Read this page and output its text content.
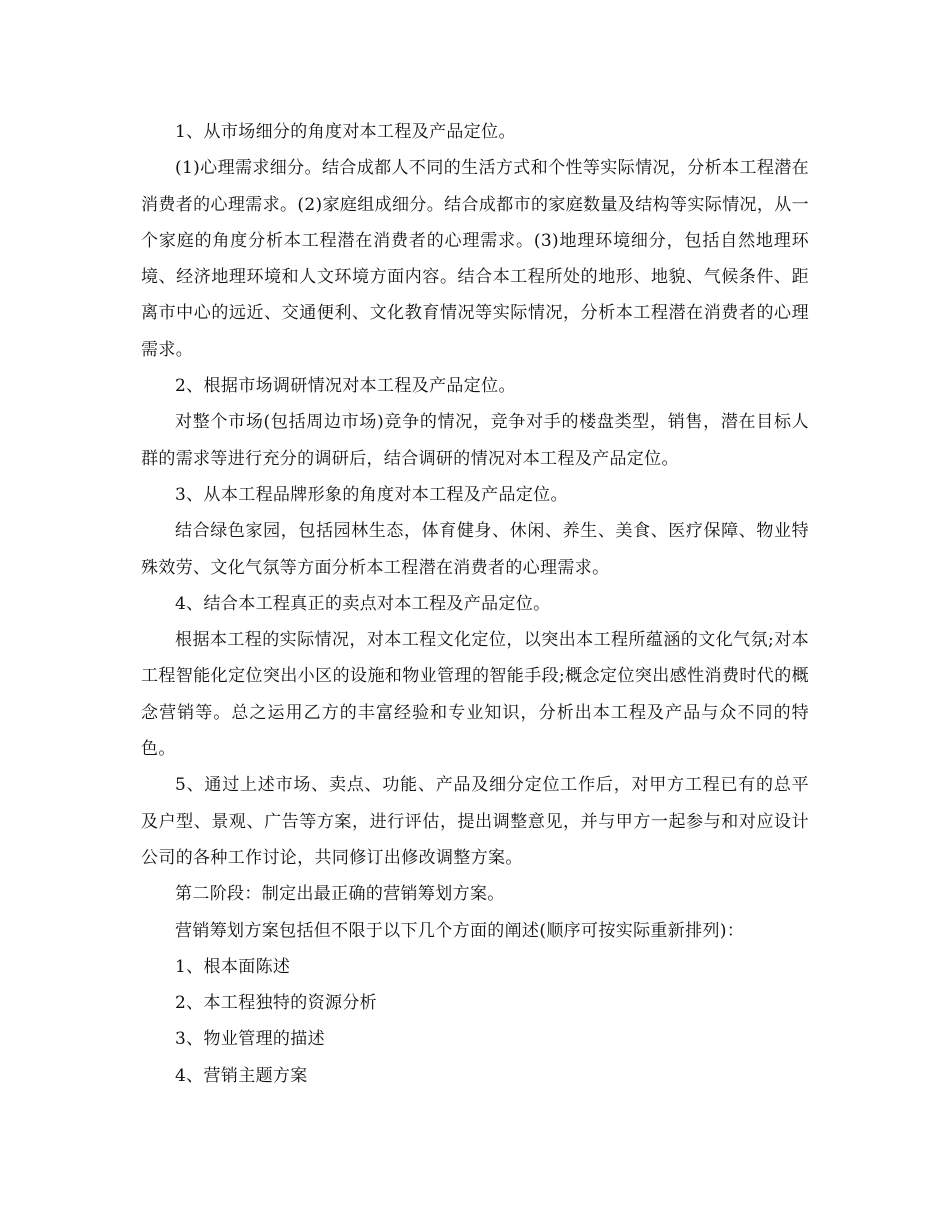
1、从市场细分的角度对本工程及产品定位。

(1)心理需求细分。结合成都人不同的生活方式和个性等实际情况，分析本工程潜在消费者的心理需求。(2)家庭组成细分。结合成都市的家庭数量及结构等实际情况，从一个家庭的角度分析本工程潜在消费者的心理需求。(3)地理环境细分，包括自然地理环境、经济地理环境和人文环境方面内容。结合本工程所处的地形、地貌、气候条件、距离市中心的远近、交通便利、文化教育情况等实际情况，分析本工程潜在消费者的心理需求。

2、根据市场调研情况对本工程及产品定位。

对整个市场(包括周边市场)竞争的情况，竞争对手的楼盘类型，销售，潜在目标人群的需求等进行充分的调研后，结合调研的情况对本工程及产品定位。

3、从本工程品牌形象的角度对本工程及产品定位。

结合绿色家园，包括园林生态，体育健身、休闲、养生、美食、医疗保障、物业特殊效劳、文化气氛等方面分析本工程潜在消费者的心理需求。

4、结合本工程真正的卖点对本工程及产品定位。

根据本工程的实际情况，对本工程文化定位，以突出本工程所蕴涵的文化气氛;对本工程智能化定位突出小区的设施和物业管理的智能手段;概念定位突出感性消费时代的概念营销等。总之运用乙方的丰富经验和专业知识，分析出本工程及产品与众不同的特色。

5、通过上述市场、卖点、功能、产品及细分定位工作后，对甲方工程已有的总平及户型、景观、广告等方案，进行评估，提出调整意见，并与甲方一起参与和对应设计公司的各种工作讨论，共同修订出修改调整方案。

第二阶段：制定出最正确的营销筹划方案。

营销筹划方案包括但不限于以下几个方面的阐述(顺序可按实际重新排列)：

1、根本面陈述

2、本工程独特的资源分析

3、物业管理的描述

4、营销主题方案
